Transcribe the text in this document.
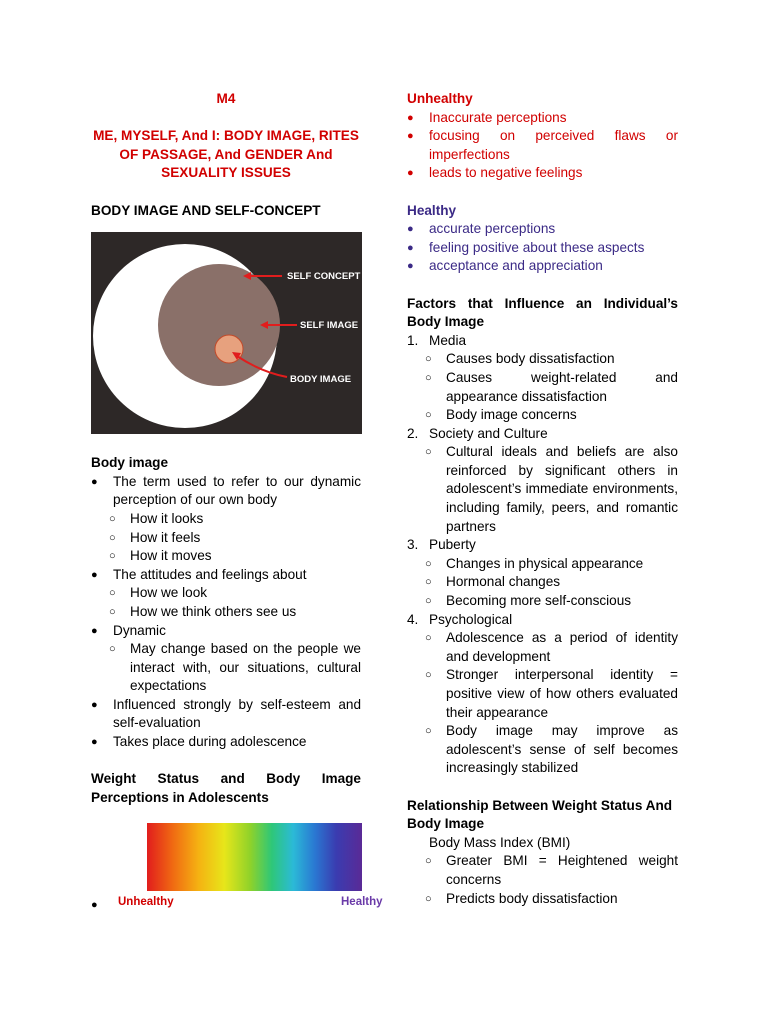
M4
ME, MYSELF, And I: BODY IMAGE, RITES OF PASSAGE, And GENDER And SEXUALITY ISSUES
BODY IMAGE AND SELF-CONCEPT
SELF CONCEPT
SELF IMAGE
BODY IMAGE
Body image
● The term used to refer to our dynamic perception of our own body
○ How it looks
○ How it feels
○ How it moves
● The attitudes and feelings about
○ How we look
○ How we think others see us
● Dynamic
○ May change based on the people we interact with, our situations, cultural expectations
● Influenced strongly by self-esteem and self-evaluation
● Takes place during adolescence
Weight Status and Body Image Perceptions in Adolescents
● Unhealthy	Healthy
Unhealthy
● Inaccurate perceptions
● focusing on perceived flaws or imperfections
● leads to negative feelings
Healthy
● accurate perceptions
● feeling positive about these aspects
● acceptance and appreciation
Factors that Influence an Individual’s Body Image
1. Media
○ Causes body dissatisfaction
○ Causes weight-related and appearance dissatisfaction
○ Body image concerns
2. Society and Culture
○ Cultural ideals and beliefs are also reinforced by significant others in adolescent’s immediate environments, including family, peers, and romantic partners
3. Puberty
○ Changes in physical appearance
○ Hormonal changes
○ Becoming more self-conscious
4. Psychological
○ Adolescence as a period of identity and development
○ Stronger interpersonal identity = positive view of how others evaluated their appearance
○ Body image may improve as adolescent’s sense of self becomes increasingly stabilized
Relationship Between Weight Status And Body Image
Body Mass Index (BMI)
○ Greater BMI = Heightened weight concerns
○ Predicts body dissatisfaction
